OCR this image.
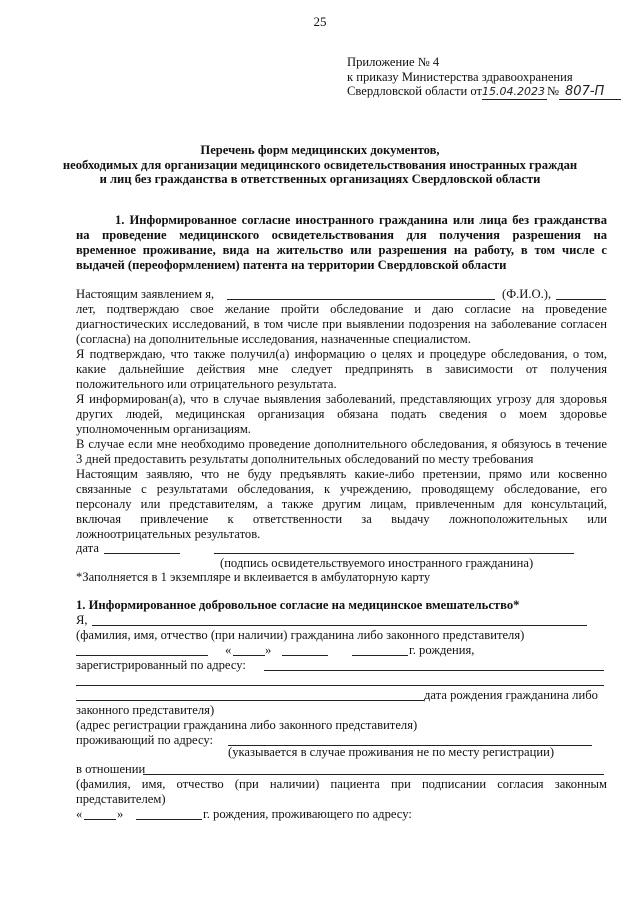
25
Приложение № 4
к приказу Министерства здравоохранения
Свердловской области от15.04.2023 № 807-П
Перечень форм медицинских документов,
необходимых для организации медицинского освидетельствования иностранных граждан
и лиц без гражданства в ответственных организациях Свердловской области
1. Информированное согласие иностранного гражданина или лица без гражданства
на проведение медицинского освидетельствования для получения разрешения на
временное проживание, вида на жительство или разрешения на работу, в том числе с
выдачей (переоформлением) патента на территории Свердловской области
Настоящим заявлением я,	(Ф.И.О.),
лет, подтверждаю свое желание пройти обследование и даю согласие на проведение
диагностических исследований, в том числе при выявлении подозрения на заболевание согласен
(согласна) на дополнительные исследования, назначенные специалистом.
Я подтверждаю, что также получил(а) информацию о целях и процедуре обследования, о том,
какие дальнейшие действия мне следует предпринять в зависимости от получения
положительного или отрицательного результата.
Я информирован(а), что в случае выявления заболеваний, представляющих угрозу для здоровья
других людей, медицинская организация обязана подать сведения о моем здоровье
уполномоченным организациям.
В случае если мне необходимо проведение дополнительного обследования, я обязуюсь в течение
3 дней предоставить результаты дополнительных обследований по месту требования
Настоящим заявляю, что не буду предъявлять какие-либо претензии, прямо или косвенно
связанные с результатами обследования, к учреждению, проводящему обследование, его
персоналу или представителям, а также другим лицам, привлеченным для консультаций,
включая привлечение к ответственности за выдачу ложноположительных или
ложноотрицательных результатов.
дата
(подпись освидетельствуемого иностранного гражданина)
*Заполняется в 1 экземпляре и вклеивается в амбулаторную карту
1. Информированное добровольное согласие на медицинское вмешательство*
Я,
(фамилия, имя, отчество (при наличии) гражданина либо законного представителя)
«	»	г. рождения,
зарегистрированный по адресу:
дата рождения гражданина либо
законного представителя)
(адрес регистрации гражданина либо законного представителя)
проживающий по адресу:
(указывается в случае проживания не по месту регистрации)
в отношении
(фамилия, имя, отчество (при наличии) пациента при подписании согласия законным
представителем)
«	»	г. рождения, проживающего по адресу:
